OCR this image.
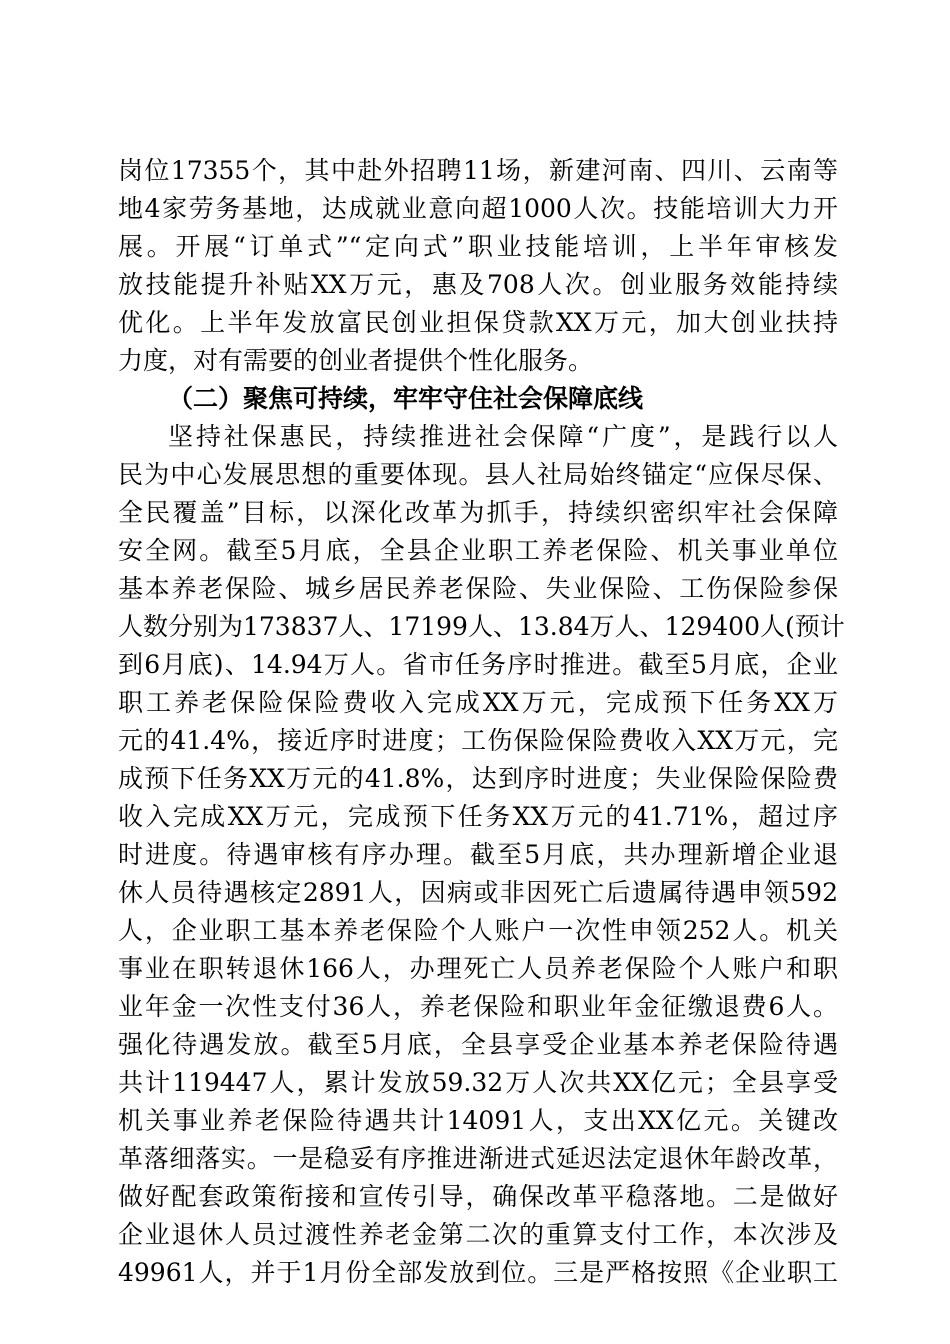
岗位17355个，其中赴外招聘11场，新建河南、四川、云南等
地4家劳务基地，达成就业意向超1000人次。技能培训大力开
展。开展“订单式”“定向式”职业技能培训，上半年审核发
放技能提升补贴XX万元，惠及708人次。创业服务效能持续
优化。上半年发放富民创业担保贷款XX万元，加大创业扶持
力度，对有需要的创业者提供个性化服务。
（二）聚焦可持续，牢牢守住社会保障底线
坚持社保惠民，持续推进社会保障“广度”，是践行以人
民为中心发展思想的重要体现。县人社局始终锚定“应保尽保、
全民覆盖”目标，以深化改革为抓手，持续织密织牢社会保障
安全网。截至5月底，全县企业职工养老保险、机关事业单位
基本养老保险、城乡居民养老保险、失业保险、工伤保险参保
人数分别为173837人、17199人、13.84万人、129400人(预计
到6月底)、14.94万人。省市任务序时推进。截至5月底，企业
职工养老保险保险费收入完成XX万元，完成预下任务XX万
元的41.4%，接近序时进度；工伤保险保险费收入XX万元，完
成预下任务XX万元的41.8%，达到序时进度；失业保险保险费
收入完成XX万元，完成预下任务XX万元的41.71%，超过序
时进度。待遇审核有序办理。截至5月底，共办理新增企业退
休人员待遇核定2891人，因病或非因死亡后遗属待遇申领592
人，企业职工基本养老保险个人账户一次性申领252人。机关
事业在职转退休166人，办理死亡人员养老保险个人账户和职
业年金一次性支付36人，养老保险和职业年金征缴退费6人。
强化待遇发放。截至5月底，全县享受企业基本养老保险待遇
共计119447人，累计发放59.32万人次共XX亿元；全县享受
机关事业养老保险待遇共计14091人，支出XX亿元。关键改
革落细落实。一是稳妥有序推进渐进式延迟法定退休年龄改革，
做好配套政策衔接和宣传引导，确保改革平稳落地。二是做好
企业退休人员过渡性养老金第二次的重算支付工作，本次涉及
49961人，并于1月份全部发放到位。三是严格按照《企业职工
